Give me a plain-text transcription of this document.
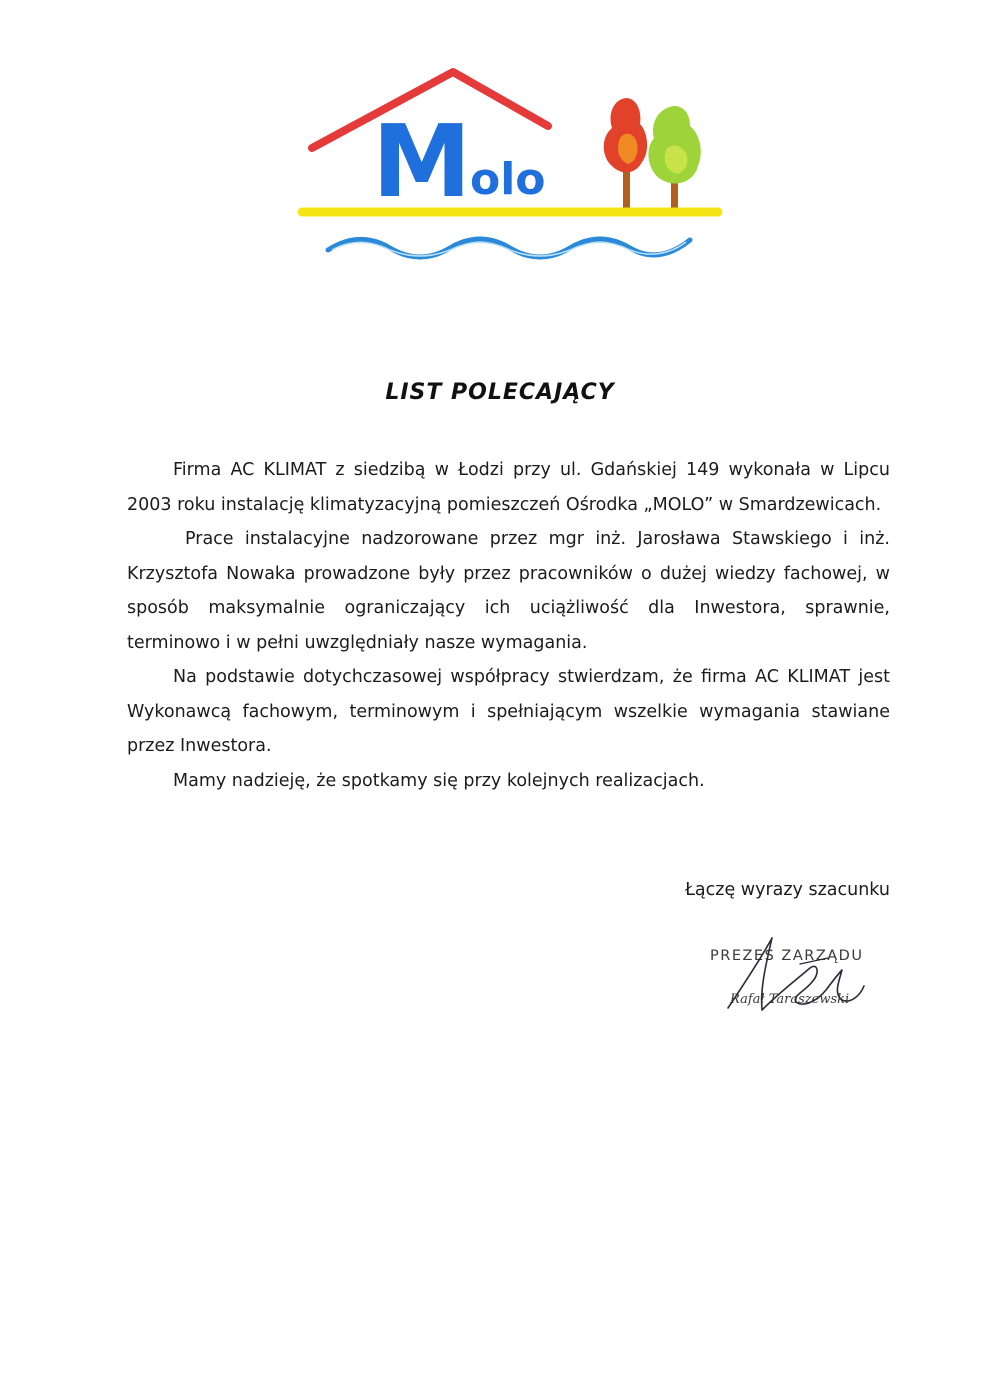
M
olo
LIST POLECAJĄCY

Firma AC KLIMAT z siedzibą w Łodzi przy ul. Gdańskiej 149 wykonała w Lipcu 2003 roku instalację klimatyzacyjną pomieszczeń Ośrodka „MOLO” w Smardzewicach.

Prace instalacyjne nadzorowane przez mgr inż. Jarosława Stawskiego i inż. Krzysztofa Nowaka prowadzone były przez pracowników o dużej wiedzy fachowej, w sposób maksymalnie ograniczający ich uciążliwość dla Inwestora, sprawnie, terminowo i w pełni uwzględniały nasze wymagania.

Na podstawie dotychczasowej współpracy stwierdzam, że firma AC KLIMAT jest Wykonawcą fachowym, terminowym i spełniającym wszelkie wymagania stawiane przez Inwestora.

Mamy nadzieję, że spotkamy się przy kolejnych realizacjach.

Łączę wyrazy szacunku
PREZES ZARZĄDU
Rafał Taraszewski
